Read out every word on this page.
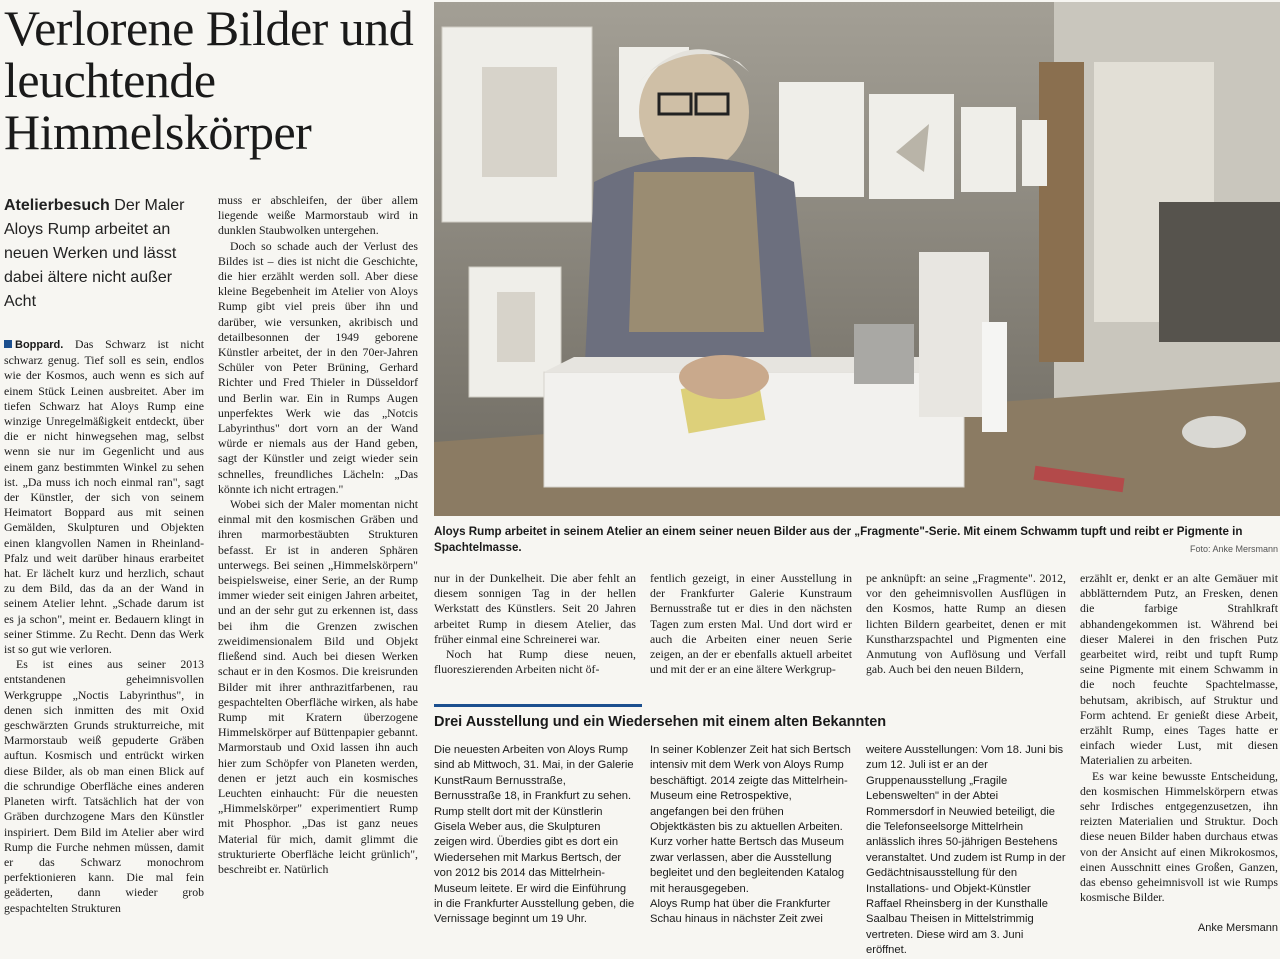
Verlorene Bilder und leuchtende Himmelskörper
Atelierbesuch Der Maler Aloys Rump arbeitet an neuen Werken und lässt dabei ältere nicht außer Acht

Boppard. Das Schwarz ist nicht schwarz genug. Tief soll es sein, endlos wie der Kosmos, auch wenn es sich auf einem Stück Leinen ausbreitet. Aber im tiefen Schwarz hat Aloys Rump eine winzige Unregelmäßigkeit entdeckt, über die er nicht hinwegsehen mag, selbst wenn sie nur im Gegenlicht und aus einem ganz bestimmten Winkel zu sehen ist. „Da muss ich noch einmal ran", sagt der Künstler, der sich von seinem Heimatort Boppard aus mit seinen Gemälden, Skulpturen und Objekten einen klangvollen Namen in Rheinland-Pfalz und weit darüber hinaus erarbeitet hat. Er lächelt kurz und herzlich, schaut zu dem Bild, das da an der Wand in seinem Atelier lehnt. „Schade darum ist es ja schon", meint er. Bedauern klingt in seiner Stimme. Zu Recht. Denn das Werk ist so gut wie verloren.

Es ist eines aus seiner 2013 entstandenen geheimnisvollen Werkgruppe „Noctis Labyrinthus", in denen sich inmitten des mit Oxid geschwärzten Grunds strukturreiche, mit Marmorstaub weiß gepuderte Gräben auftun. Kosmisch und entrückt wirken diese Bilder, als ob man einen Blick auf die schrundige Oberfläche eines anderen Planeten wirft. Tatsächlich hat der von Gräben durchzogene Mars den Künstler inspiriert. Dem Bild im Atelier aber wird Rump die Furche nehmen müssen, damit er das Schwarz monochrom perfektionieren kann. Die mal fein geäderten, dann wieder grob gespachtelten Strukturen

muss er abschleifen, der über allem liegende weiße Marmorstaub wird in dunklen Staubwolken untergehen.

Doch so schade auch der Verlust des Bildes ist – dies ist nicht die Geschichte, die hier erzählt werden soll. Aber diese kleine Begebenheit im Atelier von Aloys Rump gibt viel preis über ihn und darüber, wie versunken, akribisch und detailbesonnen der 1949 geborene Künstler arbeitet, der in den 70er-Jahren Schüler von Peter Brüning, Gerhard Richter und Fred Thieler in Düsseldorf und Berlin war. Ein in Rumps Augen unperfektes Werk wie das „Notcis Labyrinthus" dort vorn an der Wand würde er niemals aus der Hand geben, sagt der Künstler und zeigt wieder sein schnelles, freundliches Lächeln: „Das könnte ich nicht ertragen."

Wobei sich der Maler momentan nicht einmal mit den kosmischen Gräben und ihren marmorbestäubten Strukturen befasst. Er ist in anderen Sphären unterwegs. Bei seinen „Himmelskörpern" beispielsweise, einer Serie, an der Rump immer wieder seit einigen Jahren arbeitet, und an der sehr gut zu erkennen ist, dass bei ihm die Grenzen zwischen zweidimensionalem Bild und Objekt fließend sind. Auch bei diesen Werken schaut er in den Kosmos. Die kreisrunden Bilder mit ihrer anthrazitfarbenen, rau gespachtelten Oberfläche wirken, als habe Rump mit Kratern überzogene Himmelskörper auf Büttenpapier gebannt. Marmorstaub und Oxid lassen ihn auch hier zum Schöpfer von Planeten werden, denen er jetzt auch ein kosmisches Leuchten einhaucht: Für die neuesten „Himmelskörper" experimentiert Rump mit Phosphor. „Das ist ganz neues Material für mich, damit glimmt die strukturierte Oberfläche leicht grünlich", beschreibt er. Natürlich

Aloys Rump arbeitet in seinem Atelier an einem seiner neuen Bilder aus der „Fragmente"-Serie. Mit einem Schwamm tupft und reibt er Pigmente in Spachtelmasse.	Foto: Anke Mersmann

nur in der Dunkelheit. Die aber fehlt an diesem sonnigen Tag in der hellen Werkstatt des Künstlers. Seit 20 Jahren arbeitet Rump in diesem Atelier, das früher einmal eine Schreinerei war.

Noch hat Rump diese neuen, fluoreszierenden Arbeiten nicht öf-

fentlich gezeigt, in einer Ausstellung in der Frankfurter Galerie Kunstraum Bernusstraße tut er dies in den nächsten Tagen zum ersten Mal. Und dort wird er auch die Arbeiten einer neuen Serie zeigen, an der er ebenfalls aktuell arbeitet und mit der er an eine ältere Werkgrup-

pe anknüpft: an seine „Fragmente". 2012, vor den geheimnisvollen Ausflügen in den Kosmos, hatte Rump an diesen lichten Bildern gearbeitet, denen er mit Kunstharzspachtel und Pigmenten eine Anmutung von Auflösung und Verfall gab. Auch bei den neuen Bildern,

Drei Ausstellung und ein Wiedersehen mit einem alten Bekannten

Die neuesten Arbeiten von Aloys Rump sind ab Mittwoch, 31. Mai, in der Galerie KunstRaum Bernusstraße, Bernusstraße 18, in Frankfurt zu sehen. Rump stellt dort mit der Künstlerin Gisela Weber aus, die Skulpturen zeigen wird. Überdies gibt es dort ein Wiedersehen mit Markus Bertsch, der von 2012 bis 2014 das Mittelrhein-Museum leitete. Er wird die Einführung in die Frankfurter Ausstellung geben, die Vernissage beginnt um 19 Uhr.

In seiner Koblenzer Zeit hat sich Bertsch intensiv mit dem Werk von Aloys Rump beschäftigt. 2014 zeigte das Mittelrhein-Museum eine Retrospektive, angefangen bei den frühen Objektkästen bis zu aktuellen Arbeiten. Kurz vorher hatte Bertsch das Museum zwar verlassen, aber die Ausstellung begleitet und den begleitenden Katalog mit herausgegeben.

Aloys Rump hat über die Frankfurter Schau hinaus in nächster Zeit zwei

weitere Ausstellungen: Vom 18. Juni bis zum 12. Juli ist er an der Gruppenausstellung „Fragile Lebenswelten" in der Abtei Rommersdorf in Neuwied beteiligt, die die Telefonseelsorge Mittelrhein anlässlich ihres 50-jährigen Bestehens veranstaltet. Und zudem ist Rump in der Gedächtnisausstellung für den Installations- und Objekt-Künstler Raffael Rheinsberg in der Kunsthalle Saalbau Theisen in Mittelstrimmig vertreten. Diese wird am 3. Juni eröffnet.

erzählt er, denkt er an alte Gemäuer mit abblätterndem Putz, an Fresken, denen die farbige Strahlkraft abhandengekommen ist. Während bei dieser Malerei in den frischen Putz gearbeitet wird, reibt und tupft Rump seine Pigmente mit einem Schwamm in die noch feuchte Spachtelmasse, behutsam, akribisch, auf Struktur und Form achtend. Er genießt diese Arbeit, erzählt Rump, eines Tages hatte er einfach wieder Lust, mit diesen Materialien zu arbeiten.

Es war keine bewusste Entscheidung, den kosmischen Himmelskörpern etwas sehr Irdisches entgegenzusetzen, ihn reizten Materialien und Struktur. Doch diese neuen Bilder haben durchaus etwas von der Ansicht auf einen Mikrokosmos, einen Ausschnitt eines Großen, Ganzen, das ebenso geheimnisvoll ist wie Rumps kosmische Bilder.

Anke Mersmann
